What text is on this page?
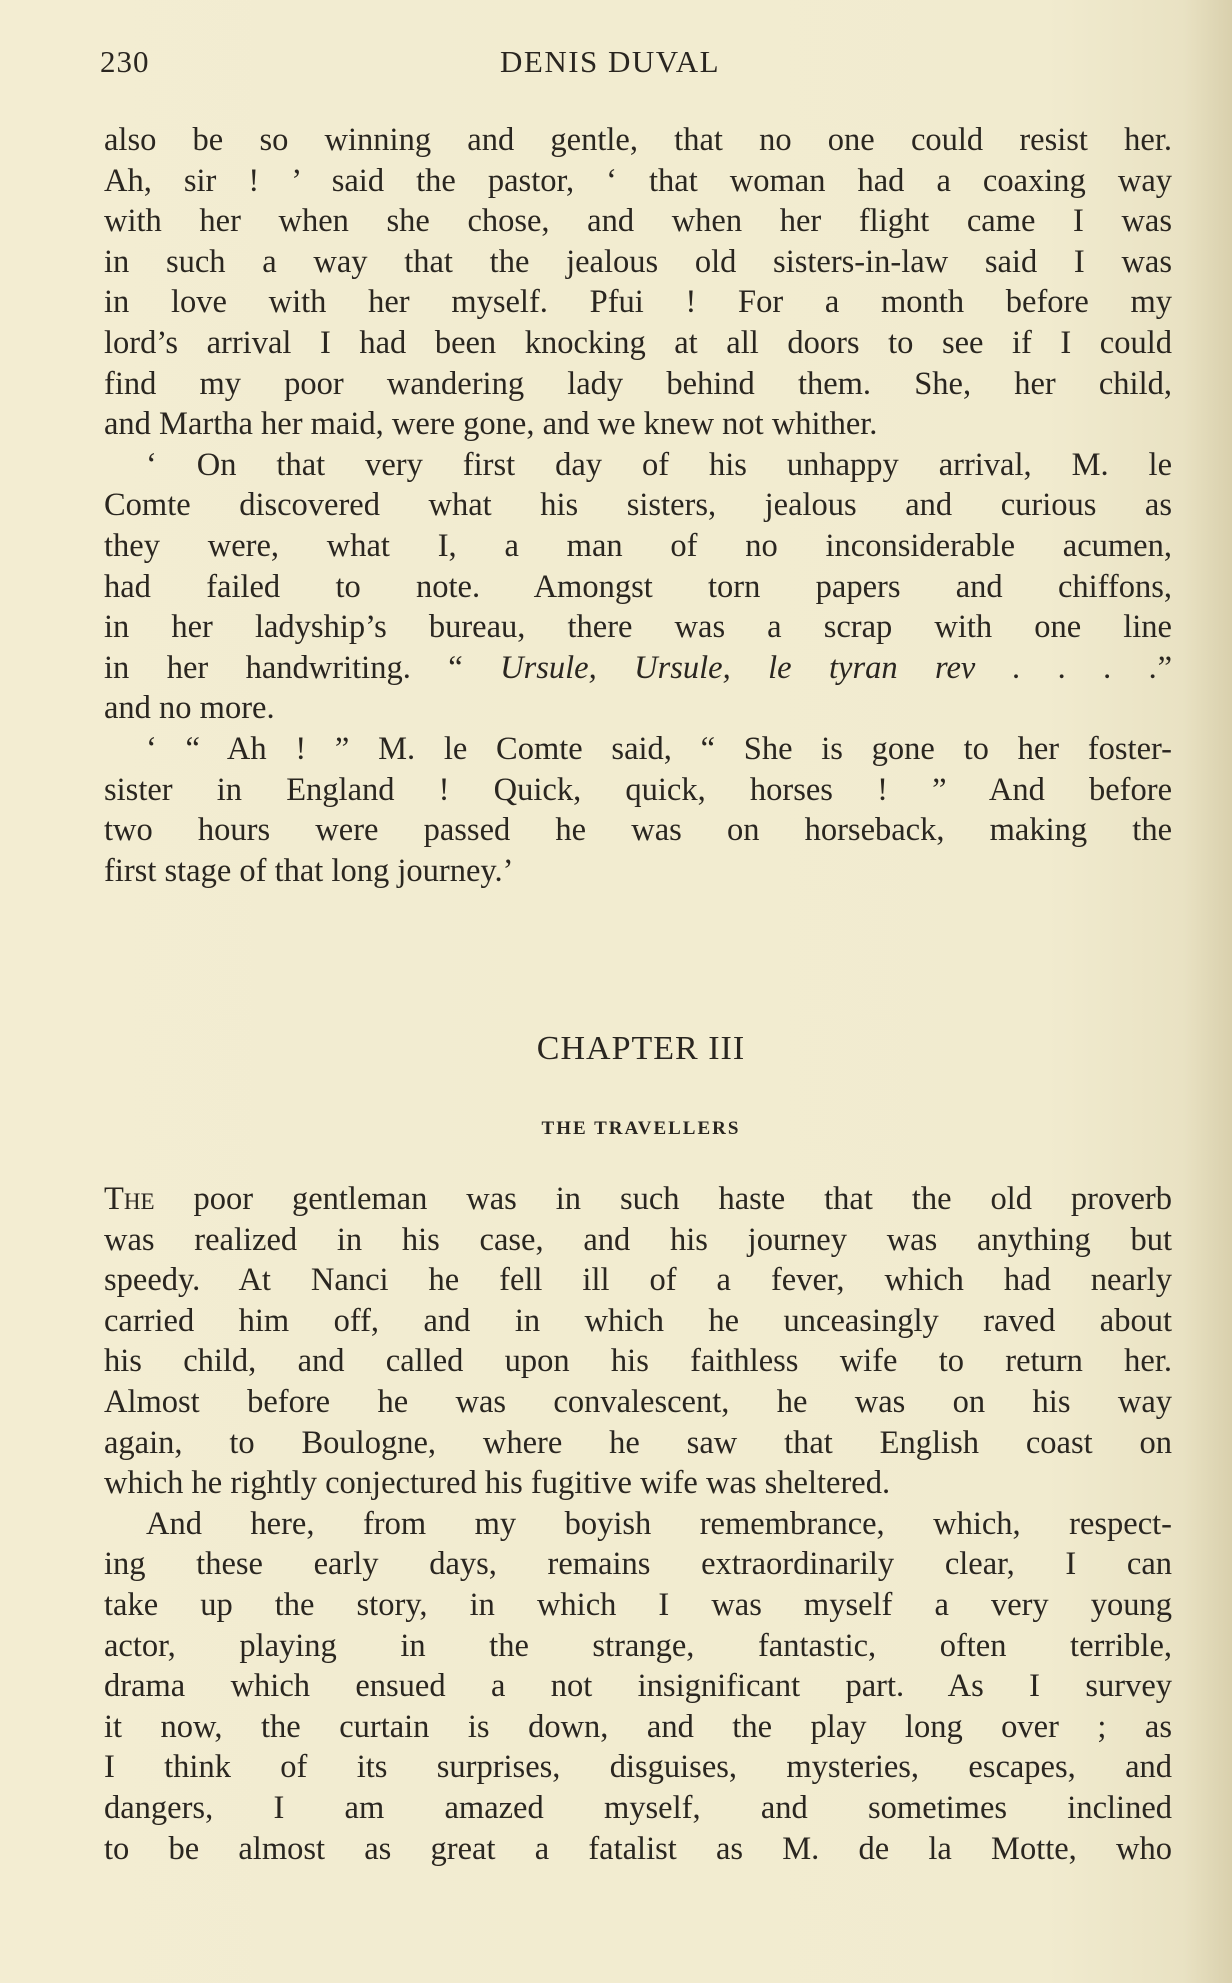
230	DENIS DUVAL
also be so winning and gentle, that no one could resist her.
Ah, sir ! ’ said the pastor, ‘ that woman had a coaxing way
with her when she chose, and when her flight came I was
in such a way that the jealous old sisters-in-law said I was
in love with her myself. Pfui ! For a month before my
lord’s arrival I had been knocking at all doors to see if I could
find my poor wandering lady behind them. She, her child,
and Martha her maid, were gone, and we knew not whither.
‘ On that very first day of his unhappy arrival, M. le
Comte discovered what his sisters, jealous and curious as
they were, what I, a man of no inconsiderable acumen,
had failed to note. Amongst torn papers and chiffons,
in her ladyship’s bureau, there was a scrap with one line
in her handwriting. “ Ursule, Ursule, le tyran rev . . . .”
and no more.
‘ “ Ah ! ” M. le Comte said, “ She is gone to her foster-
sister in England ! Quick, quick, horses ! ” And before
two hours were passed he was on horseback, making the
first stage of that long journey.’
CHAPTER III
THE TRAVELLERS
The poor gentleman was in such haste that the old proverb
was realized in his case, and his journey was anything but
speedy. At Nanci he fell ill of a fever, which had nearly
carried him off, and in which he unceasingly raved about
his child, and called upon his faithless wife to return her.
Almost before he was convalescent, he was on his way
again, to Boulogne, where he saw that English coast on
which he rightly conjectured his fugitive wife was sheltered.
And here, from my boyish remembrance, which, respect-
ing these early days, remains extraordinarily clear, I can
take up the story, in which I was myself a very young
actor, playing in the strange, fantastic, often terrible,
drama which ensued a not insignificant part. As I survey
it now, the curtain is down, and the play long over ; as
I think of its surprises, disguises, mysteries, escapes, and
dangers, I am amazed myself, and sometimes inclined
to be almost as great a fatalist as M. de la Motte, who
